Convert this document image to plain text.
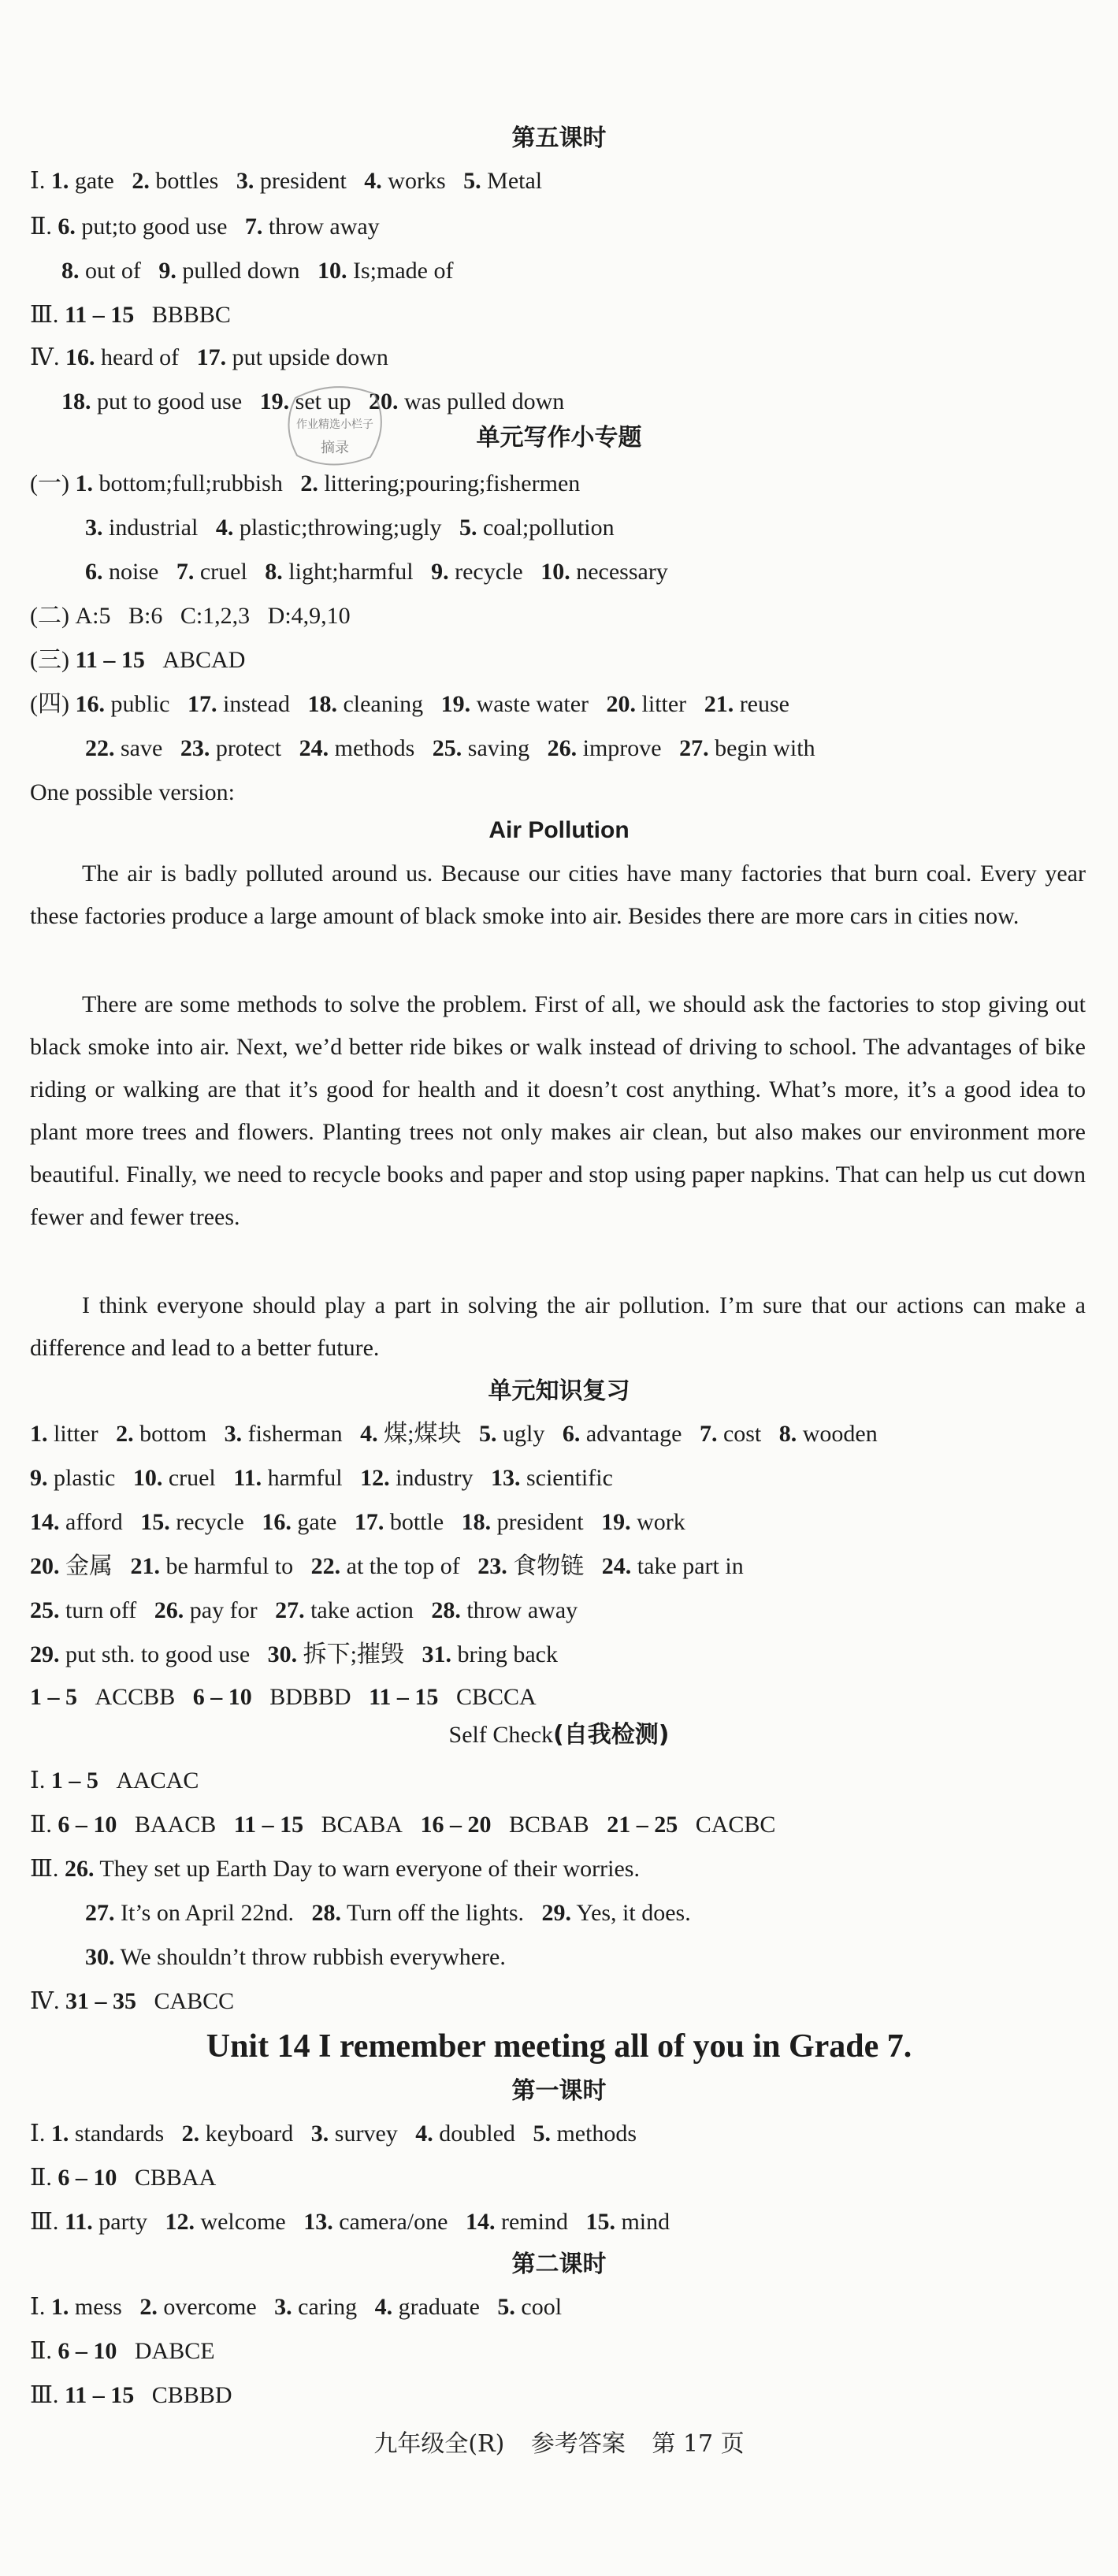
第五课时
Ⅰ. 1. gate   2. bottles   3. president   4. works   5. Metal
Ⅱ. 6. put;to good use   7. throw away
8. out of   9. pulled down   10. Is;made of
Ⅲ. 11 – 15   BBBBC
Ⅳ. 16. heard of   17. put upside down
18. put to good use   19. set up   20. was pulled down
作业精选小栏子
摘录	单元写作小专题
(一) 1. bottom;full;rubbish   2. littering;pouring;fishermen
3. industrial   4. plastic;throwing;ugly   5. coal;pollution
6. noise   7. cruel   8. light;harmful   9. recycle   10. necessary
(二) A:5   B:6   C:1,2,3   D:4,9,10
(三) 11 – 15   ABCAD
(四) 16. public   17. instead   18. cleaning   19. waste water   20. litter   21. reuse
22. save   23. protect   24. methods   25. saving   26. improve   27. begin with
One possible version:
Air Pollution
The air is badly polluted around us. Because our cities have many factories that burn coal. Every year these factories produce a large amount of black smoke into air. Besides there are more cars in cities now.
There are some methods to solve the problem. First of all, we should ask the factories to stop giving out black smoke into air. Next, we’d better ride bikes or walk instead of driving to school. The advantages of bike riding or walking are that it’s good for health and it doesn’t cost anything. What’s more, it’s a good idea to plant more trees and flowers. Planting trees not only makes air clean, but also makes our environment more beautiful. Finally, we need to recycle books and paper and stop using paper napkins. That can help us cut down fewer and fewer trees.
I think everyone should play a part in solving the air pollution. I’m sure that our actions can make a difference and lead to a better future.
单元知识复习
1. litter   2. bottom   3. fisherman   4. 煤;煤块   5. ugly   6. advantage   7. cost   8. wooden
9. plastic   10. cruel   11. harmful   12. industry   13. scientific
14. afford   15. recycle   16. gate   17. bottle   18. president   19. work
20. 金属   21. be harmful to   22. at the top of   23. 食物链   24. take part in
25. turn off   26. pay for   27. take action   28. throw away
29. put sth. to good use   30. 拆下;摧毁   31. bring back
1 – 5   ACCBB   6 – 10   BDBBD   11 – 15   CBCCA
Self Check(自我检测)
Ⅰ. 1 – 5   AACAC
Ⅱ. 6 – 10   BAACB   11 – 15   BCABA   16 – 20   BCBAB   21 – 25   CACBC
Ⅲ. 26. They set up Earth Day to warn everyone of their worries.
27. It’s on April 22nd.   28. Turn off the lights.   29. Yes, it does.
30. We shouldn’t throw rubbish everywhere.
Ⅳ. 31 – 35   CABCC
Unit 14 I remember meeting all of you in Grade 7.
第一课时
Ⅰ. 1. standards   2. keyboard   3. survey   4. doubled   5. methods
Ⅱ. 6 – 10   CBBAA
Ⅲ. 11. party   12. welcome   13. camera/one   14. remind   15. mind
第二课时
Ⅰ. 1. mess   2. overcome   3. caring   4. graduate   5. cool
Ⅱ. 6 – 10   DABCE
Ⅲ. 11 – 15   CBBBD
九年级全(R) 参考答案 第 17 页
